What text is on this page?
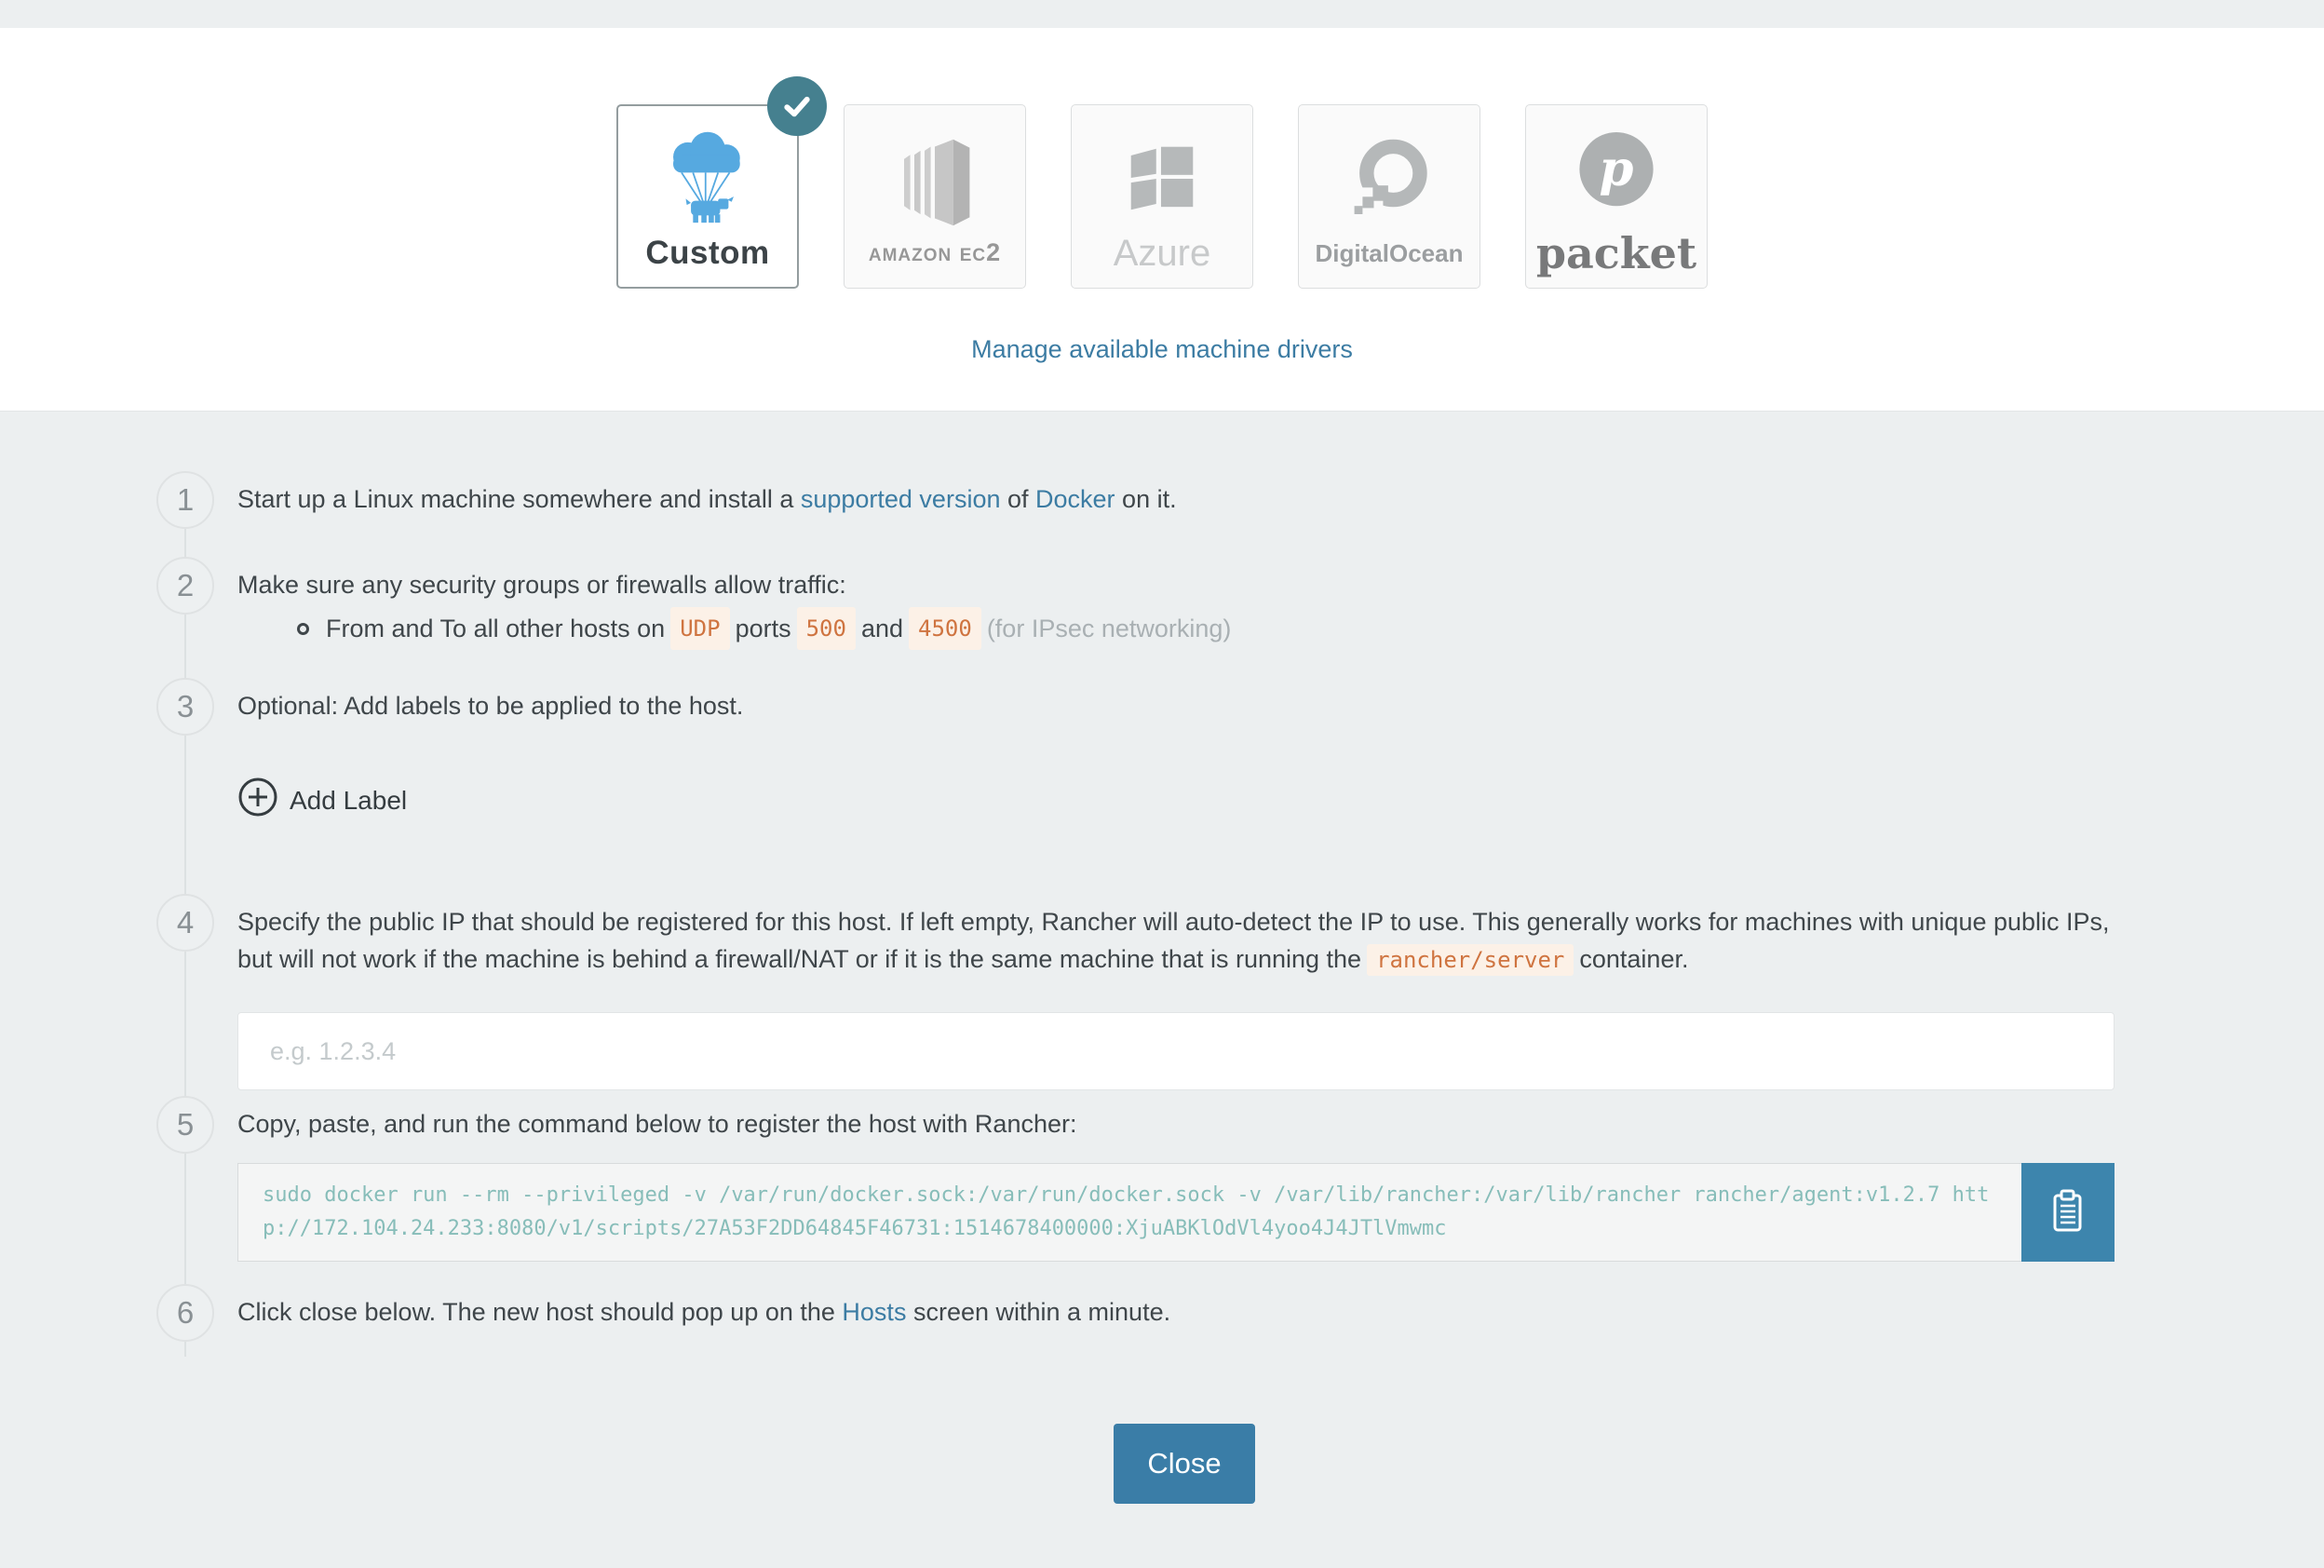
Custom	amazon ec2	Azure	DigitalOcean
p
packet
Manage available machine drivers
1	Start up a Linux machine somewhere and install a supported version of Docker on it.
2	Make sure any security groups or firewalls allow traffic:
From and To all other hosts on UDP ports 500 and 4500 (for IPsec networking)
3	Optional: Add labels to be applied to the host.
Add Label
4	Specify the public IP that should be registered for this host. If left empty, Rancher will auto-detect the IP to use. This generally works for machines with unique public IPs, but will not work if the machine is behind a firewall/NAT or if it is the same machine that is running the rancher/server container.
e.g. 1.2.3.4
5	Copy, paste, and run the command below to register the host with Rancher:
sudo docker run --rm --privileged -v /var/run/docker.sock:/var/run/docker.sock -v /var/lib/rancher:/var/lib/rancher rancher/agent:v1.2.7 http://172.104.24.233:8080/v1/scripts/27A53F2DD64845F46731:1514678400000:XjuABKlOdVl4yoo4J4JTlVmwmc
6	Click close below. The new host should pop up on the Hosts screen within a minute.
Close
